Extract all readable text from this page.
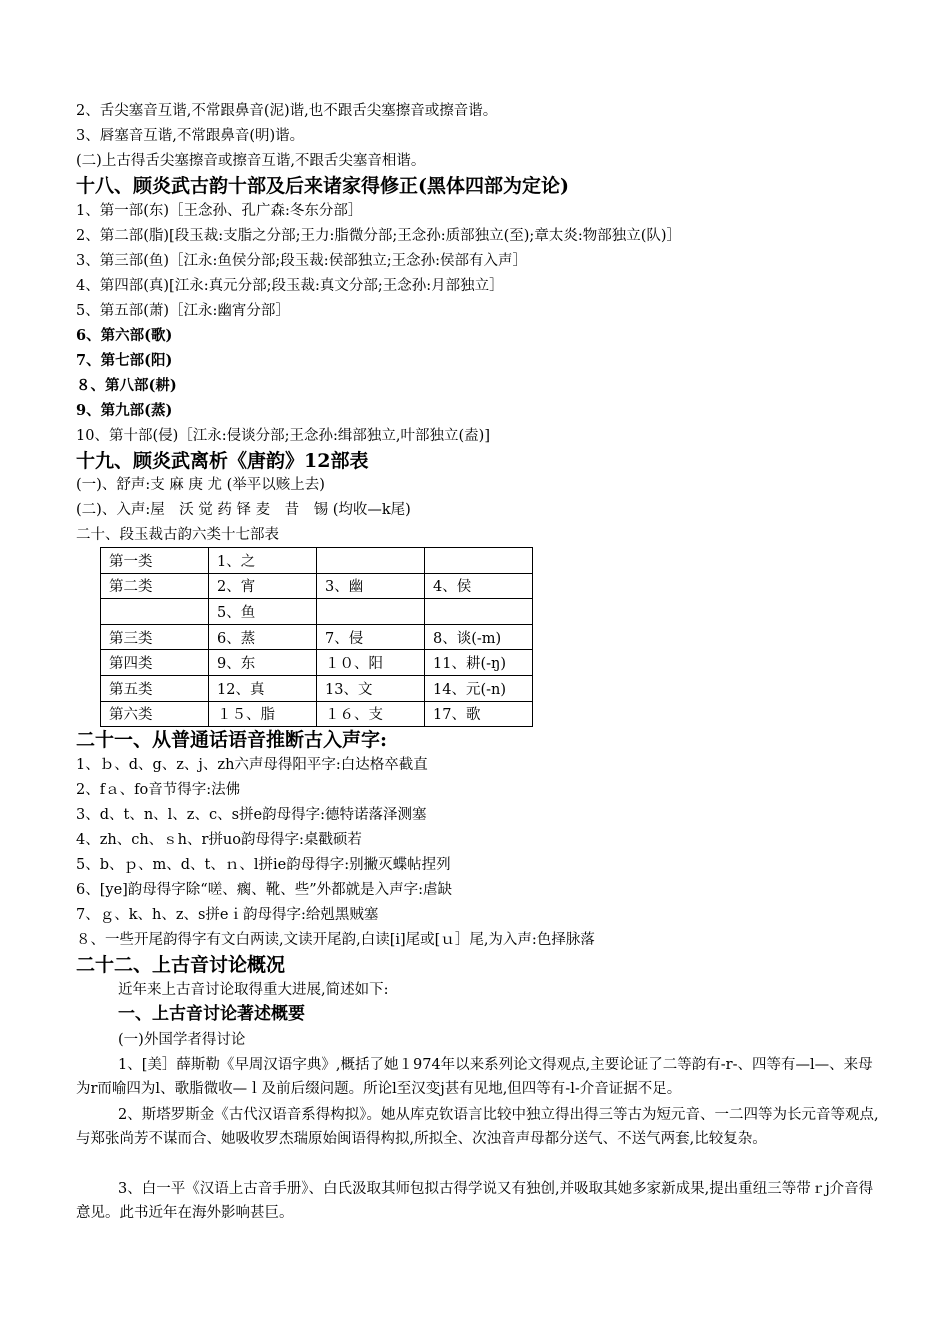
2、舌尖塞音互谐,不常跟鼻音(泥)谐,也不跟舌尖塞擦音或擦音谐。
3、唇塞音互谐,不常跟鼻音(明)谐。
(二)上古得舌尖塞擦音或擦音互谐,不跟舌尖塞音相谐。
十八、顾炎武古韵十部及后来诸家得修正(黑体四部为定论)
1、第一部(东)［王念孙、孔广森:冬东分部］
2、第二部(脂)[段玉裁:支脂之分部;王力:脂微分部;王念孙:质部独立(至);章太炎:物部独立(队)］
3、第三部(鱼)［江永:鱼侯分部;段玉裁:侯部独立;王念孙:侯部有入声］
4、第四部(真)[江永:真元分部;段玉裁:真文分部;王念孙:月部独立］
5、第五部(萧)［江永:幽宵分部］
6、第六部(歌)
7、第七部(阳)
８、第八部(耕)
9、第九部(蒸)
10、第十部(侵)［江永:侵谈分部;王念孙:缉部独立,叶部独立(盍)]
十九、顾炎武离析《唐韵》12部表
(一)、舒声:支 麻 庚 尤 (举平以赅上去)
(二)、入声:屋　沃 觉 药 铎 麦　昔　锡 (均收—k尾)
二十、段玉裁古韵六类十七部表
第一类	1、之		
第二类	2、宵	3、幽	4、侯
	5、鱼		
第三类	6、蒸	7、侵	8、谈(-m)
第四类	9、东	１０、阳	11、耕(-ŋ)
第五类	12、真	13、文	14、元(-n)
第六类	１５、脂	１６、支	17、歌
二十一、从普通话语音推断古入声字:
1、ｂ、d、g、z、j、zh六声母得阳平字:白达格卒截直
2、fａ、fo音节得字:法佛
3、d、t、n、l、z、c、s拼e韵母得字:德特诺落泽测塞
4、zh、ch、ｓh、r拼uo韵母得字:桌戳硕若
5、b、ｐ、m、d、t、ｎ、l拼ie韵母得字:别撇灭蝶帖捏列
6、[ye]韵母得字除“嗟、瘸、靴、些”外都就是入声字:虐缺
7、ｇ、k、h、z、s拼eｉ韵母得字:给剋黑贼塞
８、一些开尾韵得字有文白两读,文读开尾韵,白读[i]尾或[ｕ］尾,为入声:色择脉落
二十二、上古音讨论概况
近年来上古音讨论取得重大进展,简述如下:
一、上古音讨论著述概要
(一)外国学者得讨论
1、[美］薛斯勒《早周汉语字典》,概括了她１974年以来系列论文得观点,主要论证了二等韵有-r-、四等有—l—、来母为r而喻四为l、歌脂微收—ｌ及前后缀问题。所论l至汉变j甚有见地,但四等有-l-介音证据不足。
2、斯塔罗斯金《古代汉语音系得构拟》。她从库克钦语言比较中独立得出得三等古为短元音、一二四等为长元音等观点,与郑张尚芳不谋而合、她吸收罗杰瑞原始闽语得构拟,所拟全、次浊音声母都分送气、不送气两套,比较复杂。
3、白一平《汉语上古音手册》、白氏汲取其师包拟古得学说又有独创,并吸取其她多家新成果,提出重纽三等带ｒj介音得意见。此书近年在海外影响甚巨。
